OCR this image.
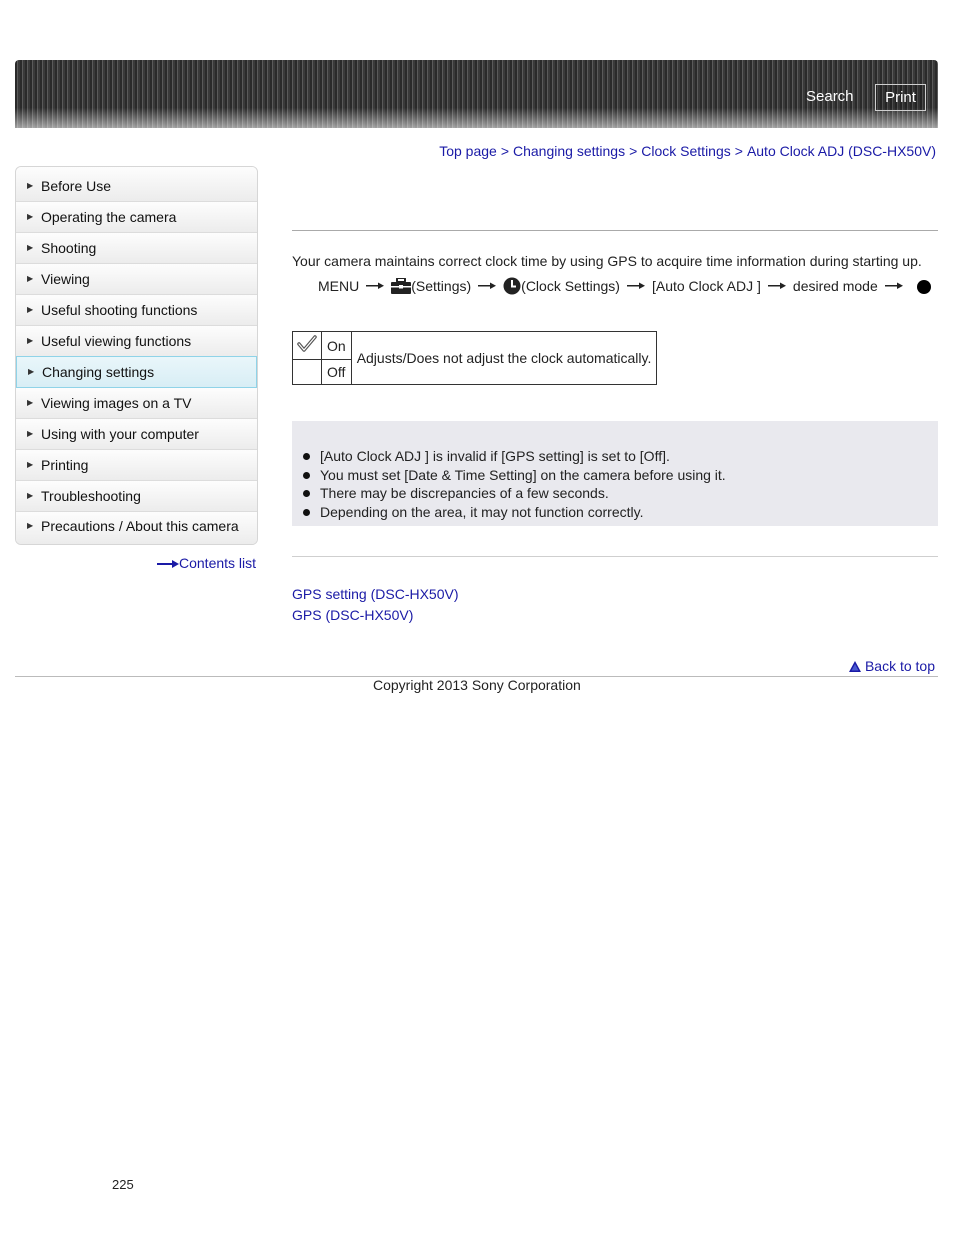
Search	Print
Top page > Changing settings > Clock Settings > Auto Clock ADJ (DSC-HX50V)
▶ Before Use
▶ Operating the camera
▶ Shooting
▶ Viewing
▶ Useful shooting functions
▶ Useful viewing functions
▶ Changing settings
▶ Viewing images on a TV
▶ Using with your computer
▶ Printing
▶ Troubleshooting
▶ Precautions / About this camera
Contents list
Your camera maintains correct clock time by using GPS to acquire time information during starting up.
MENU	(Settings)	(Clock Settings) [Auto Clock ADJ ] desired mode
	On	Adjusts/Does not adjust the clock automatically.
	Off	
[Auto Clock ADJ ] is invalid if [GPS setting] is set to [Off].
You must set [Date & Time Setting] on the camera before using it.
There may be discrepancies of a few seconds.
Depending on the area, it may not function correctly.
GPS setting (DSC-HX50V)
GPS (DSC-HX50V)
Back to top
Copyright 2013 Sony Corporation
225
